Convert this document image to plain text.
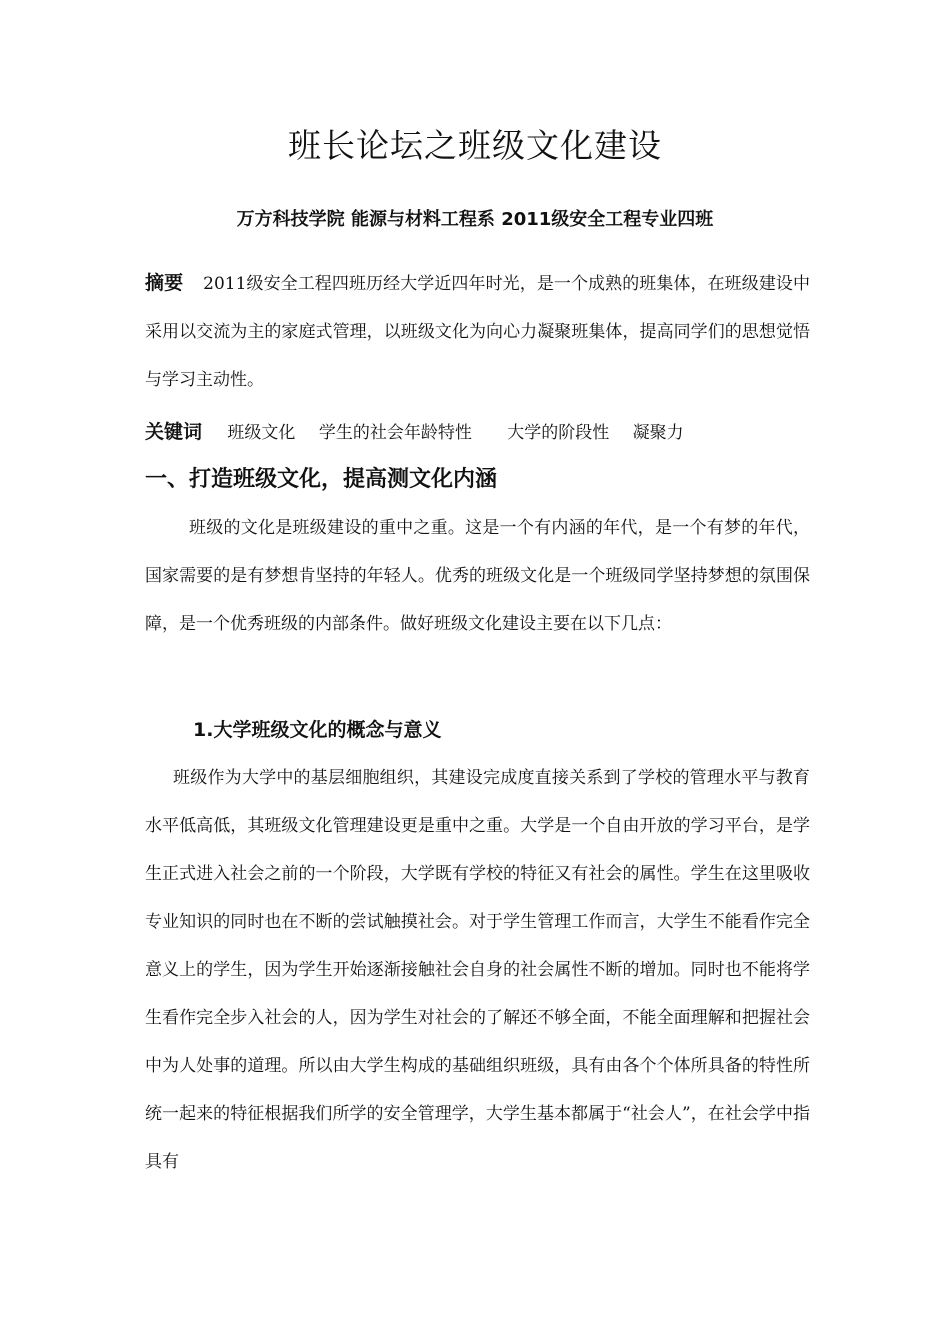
班长论坛之班级文化建设
万方科技学院 能源与材料工程系 2011级安全工程专业四班
摘要 2011级安全工程四班历经大学近四年时光，是一个成熟的班集体，在班级建设中采用以交流为主的家庭式管理，以班级文化为向心力凝聚班集体，提高同学们的思想觉悟与学习主动性。
关键词 班级文化 学生的社会年龄特性 大学的阶段性 凝聚力
一、打造班级文化，提高测文化内涵
班级的文化是班级建设的重中之重。这是一个有内涵的年代，是一个有梦的年代，国家需要的是有梦想肯坚持的年轻人。优秀的班级文化是一个班级同学坚持梦想的氛围保障，是一个优秀班级的内部条件。做好班级文化建设主要在以下几点：
1.大学班级文化的概念与意义
班级作为大学中的基层细胞组织，其建设完成度直接关系到了学校的管理水平与教育水平低高低，其班级文化管理建设更是重中之重。大学是一个自由开放的学习平台，是学生正式进入社会之前的一个阶段，大学既有学校的特征又有社会的属性。学生在这里吸收专业知识的同时也在不断的尝试触摸社会。对于学生管理工作而言，大学生不能看作完全意义上的学生，因为学生开始逐渐接触社会自身的社会属性不断的增加。同时也不能将学生看作完全步入社会的人，因为学生对社会的了解还不够全面，不能全面理解和把握社会中为人处事的道理。所以由大学生构成的基础组织班级，具有由各个个体所具备的特性所统一起来的特征根据我们所学的安全管理学，大学生基本都属于“社会人”，在社会学中指具有
